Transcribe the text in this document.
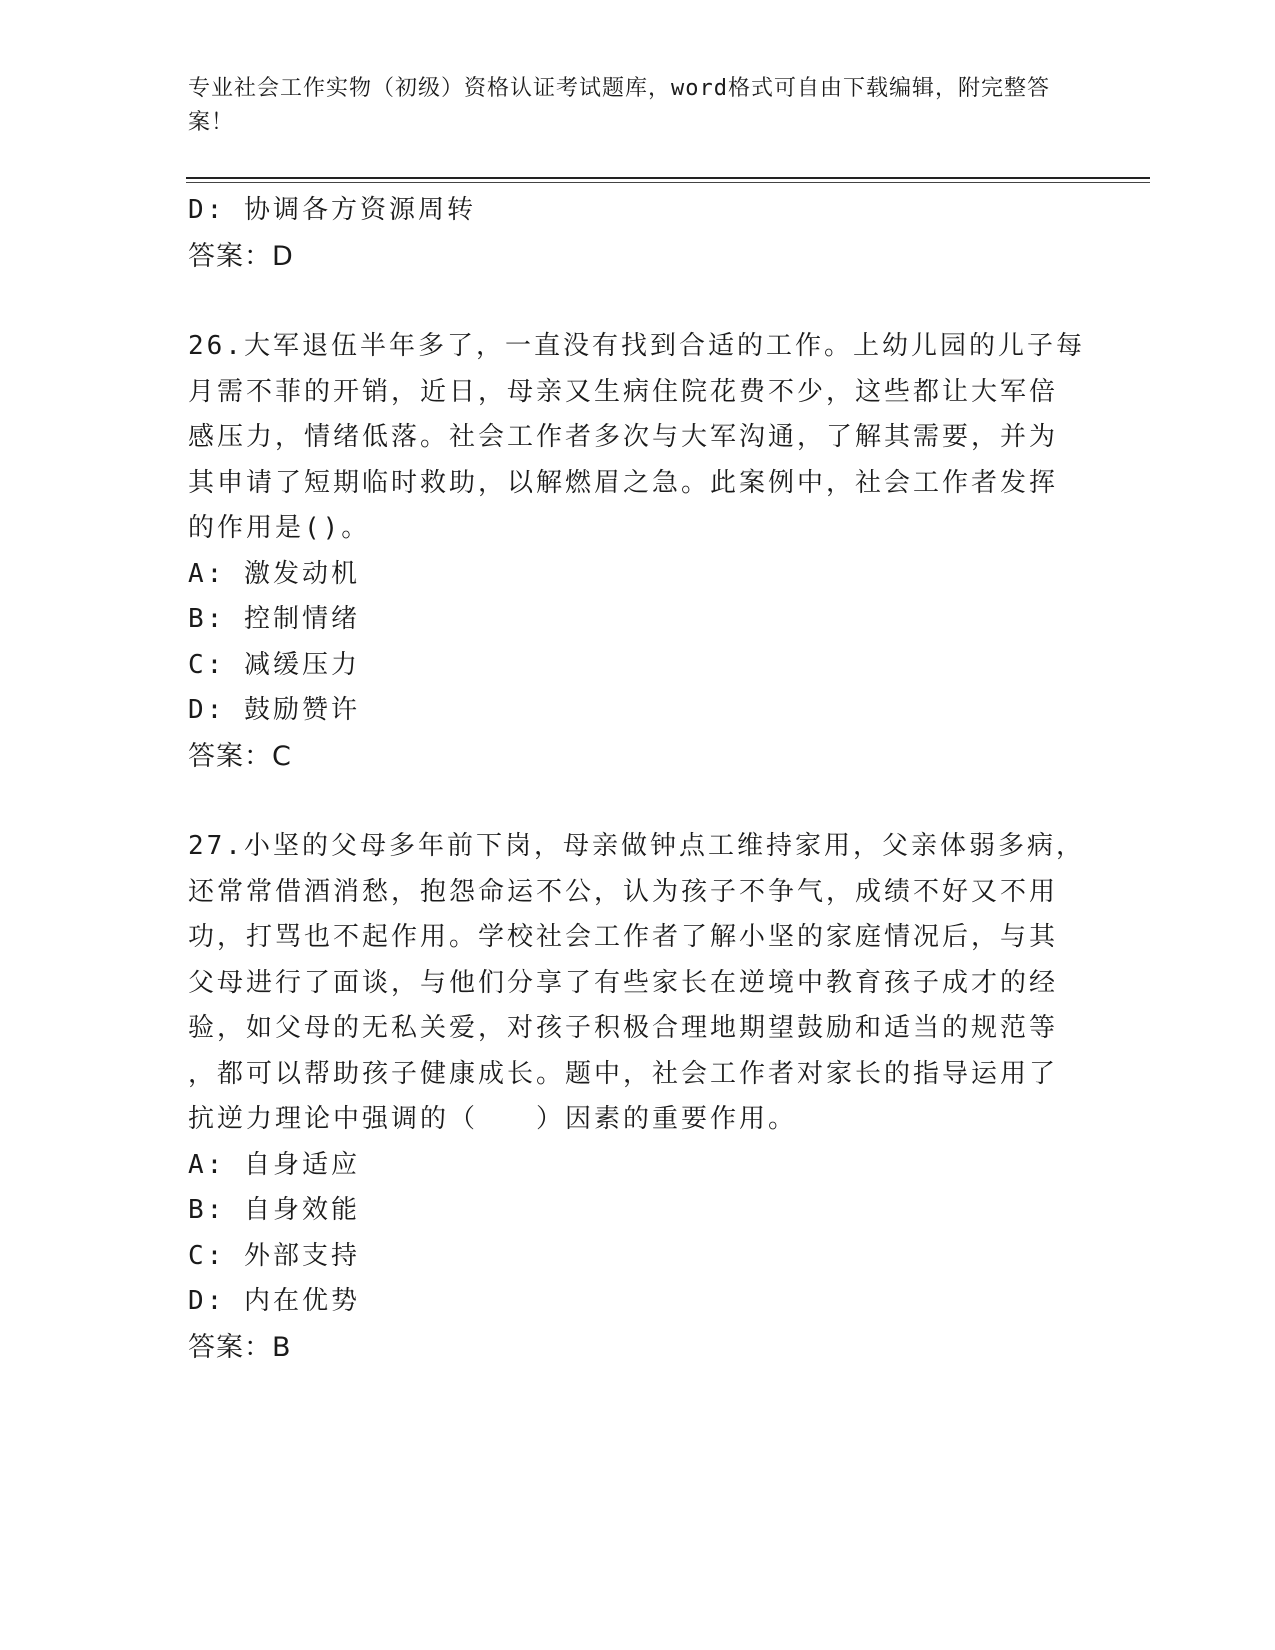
专业社会工作实物（初级）资格认证考试题库，word格式可自由下载编辑，附完整答案！
D: 协调各方资源周转
答案：D
26.大军退伍半年多了，一直没有找到合适的工作。上幼儿园的儿子每
月需不菲的开销，近日，母亲又生病住院花费不少，这些都让大军倍
感压力，情绪低落。社会工作者多次与大军沟通，了解其需要，并为
其申请了短期临时救助，以解燃眉之急。此案例中，社会工作者发挥
的作用是()。
A: 激发动机
B: 控制情绪
C: 减缓压力
D: 鼓励赞许
答案：C
27.小坚的父母多年前下岗，母亲做钟点工维持家用，父亲体弱多病，
还常常借酒消愁，抱怨命运不公，认为孩子不争气，成绩不好又不用
功，打骂也不起作用。学校社会工作者了解小坚的家庭情况后，与其
父母进行了面谈，与他们分享了有些家长在逆境中教育孩子成才的经
验，如父母的无私关爱，对孩子积极合理地期望鼓励和适当的规范等
，都可以帮助孩子健康成长。题中，社会工作者对家长的指导运用了
抗逆力理论中强调的（　　）因素的重要作用。
A: 自身适应
B: 自身效能
C: 外部支持
D: 内在优势
答案：B
